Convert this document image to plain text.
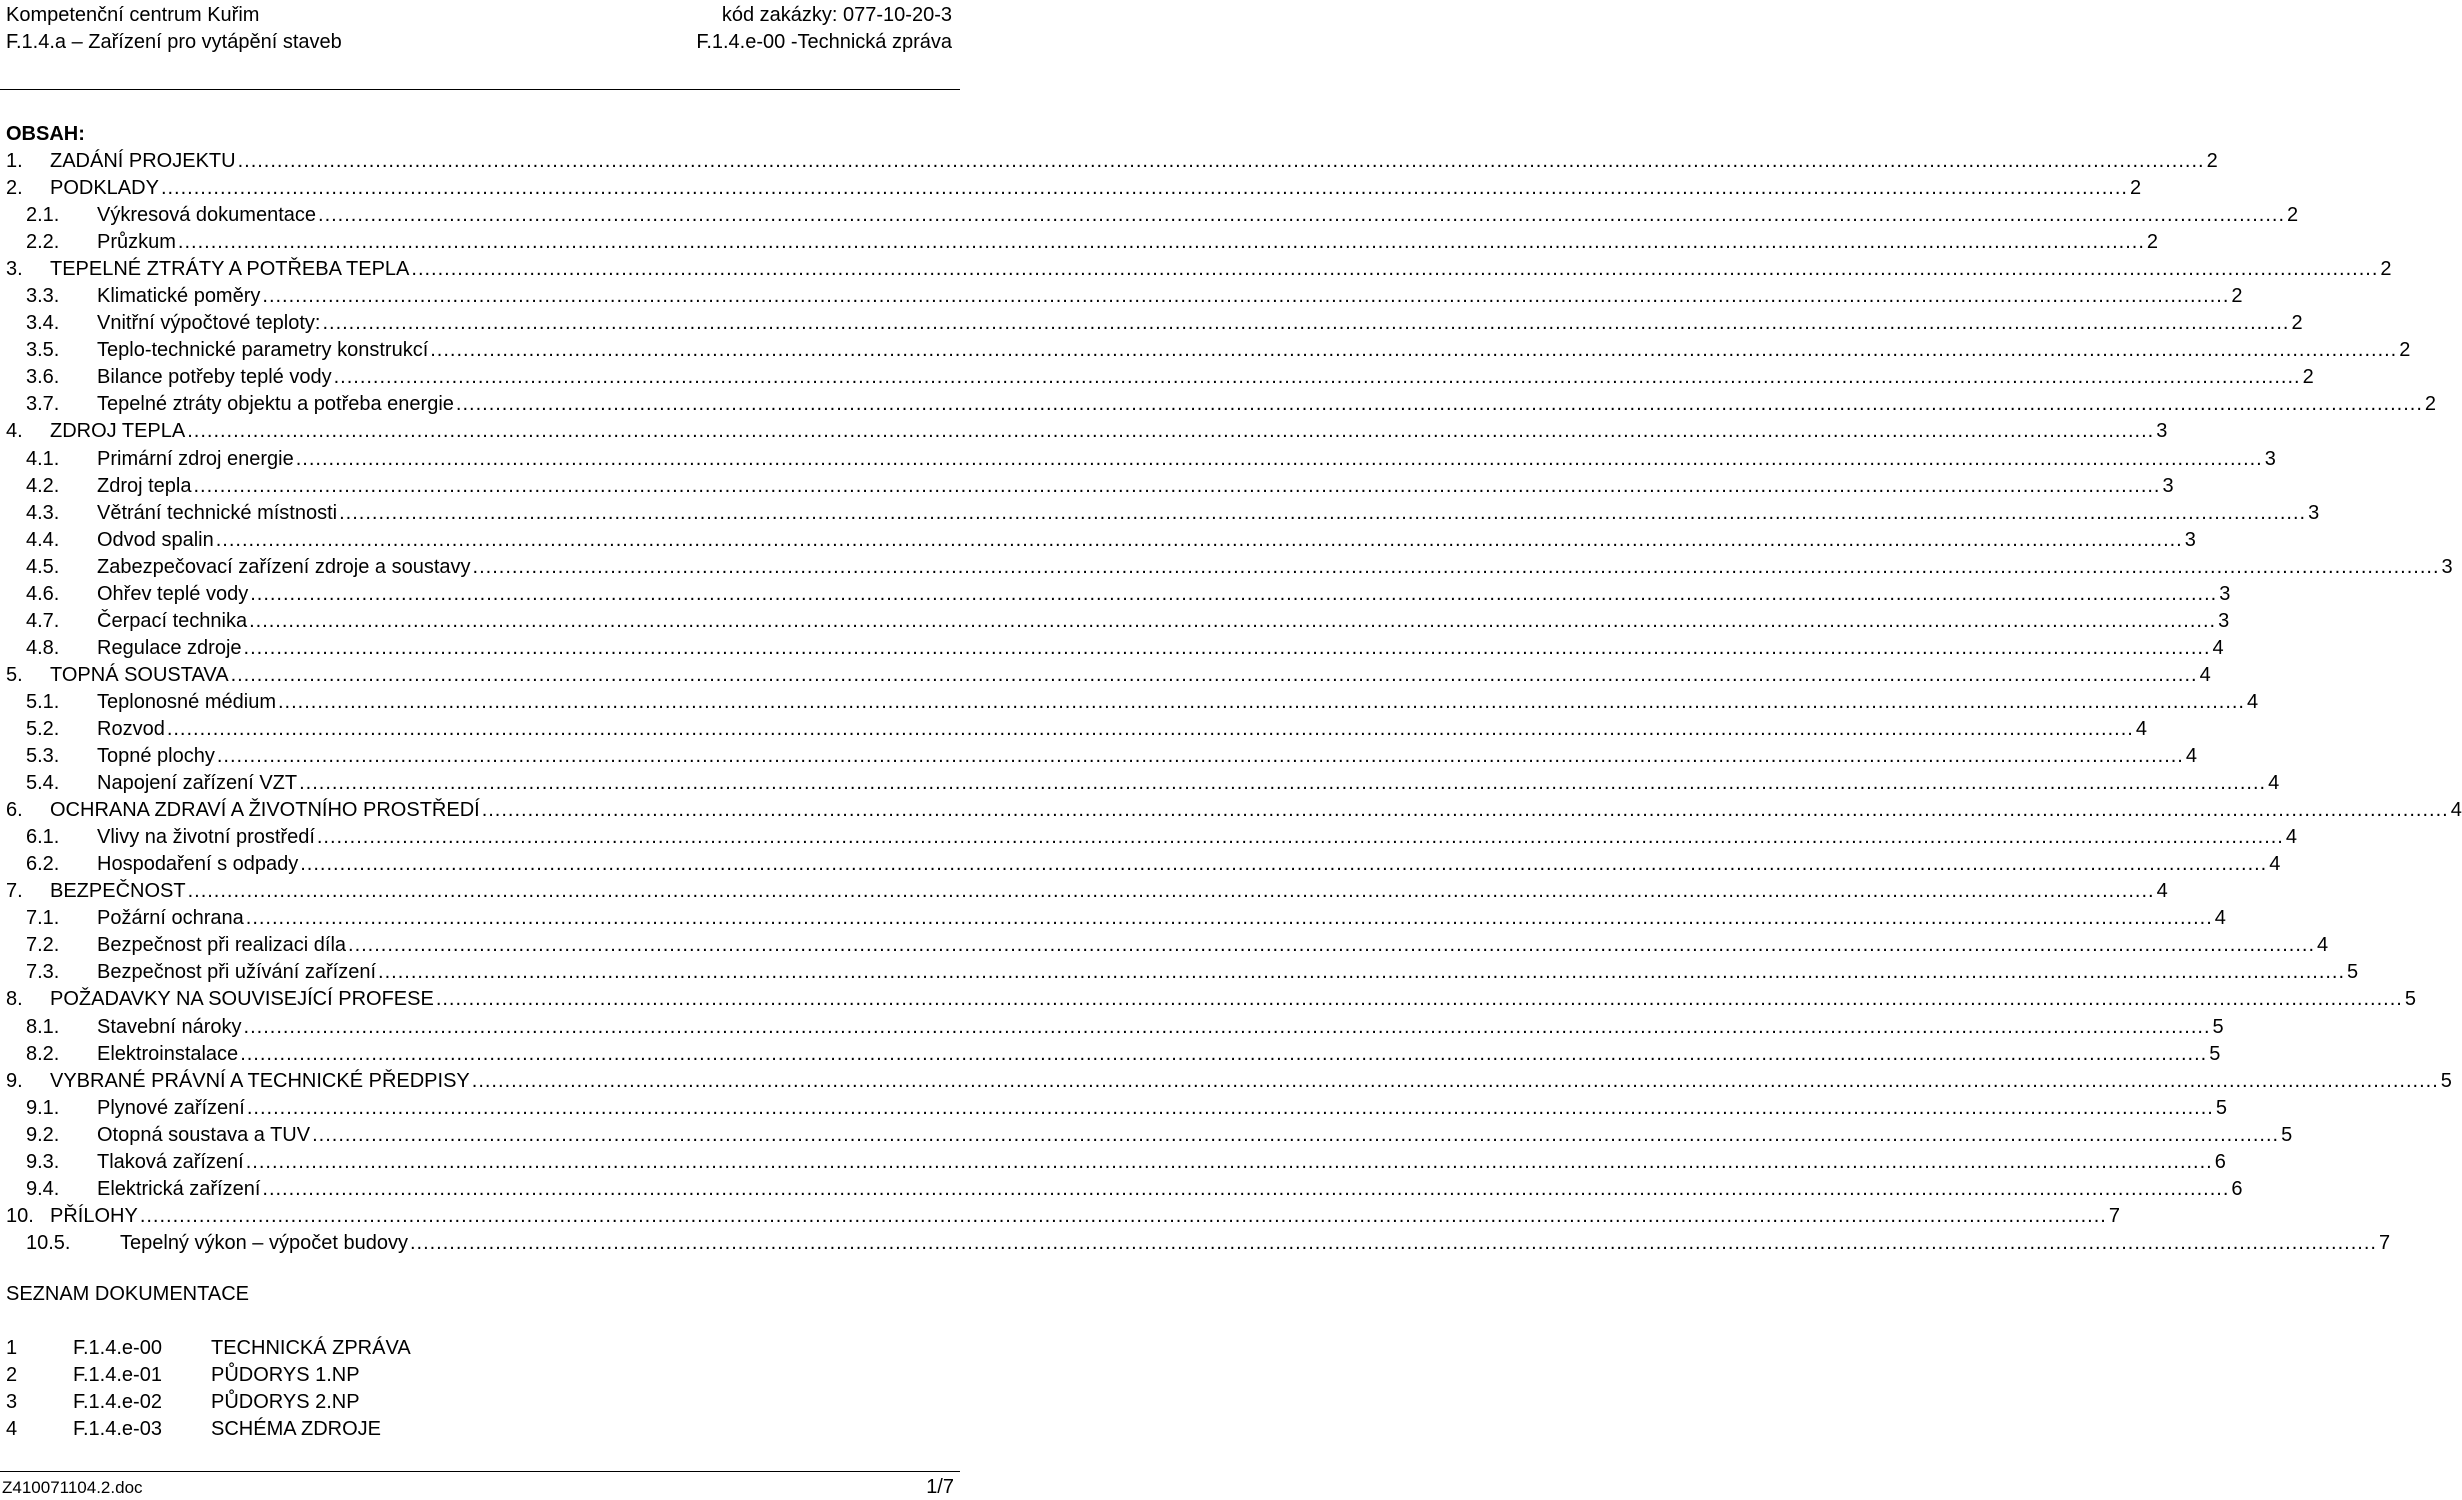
Kompetenční centrum Kuřim	kód zakázky: 077-10-20-3
F.1.4.a – Zařízení pro vytápění staveb	F.1.4.e-00 -Technická zpráva
OBSAH:
1. ZADÁNÍ PROJEKTU ............................................................................................................................................................................................................................................................................................................ 2
2. PODKLADY ............................................................................................................................................................................................................................................................................................................ 2
2.1. Výkresová dokumentace ............................................................................................................................................................................................................................................................................................................ 2
2.2. Průzkum ............................................................................................................................................................................................................................................................................................................ 2
3. TEPELNÉ ZTRÁTY A POTŘEBA TEPLA ............................................................................................................................................................................................................................................................................................................ 2
3.3. Klimatické poměry ............................................................................................................................................................................................................................................................................................................ 2
3.4. Vnitřní výpočtové teploty: ............................................................................................................................................................................................................................................................................................................ 2
3.5. Teplo-technické parametry konstrukcí ............................................................................................................................................................................................................................................................................................................ 2
3.6. Bilance potřeby teplé vody ............................................................................................................................................................................................................................................................................................................ 2
3.7. Tepelné ztráty objektu a potřeba energie ............................................................................................................................................................................................................................................................................................................ 2
4. ZDROJ TEPLA ............................................................................................................................................................................................................................................................................................................ 3
4.1. Primární zdroj energie ............................................................................................................................................................................................................................................................................................................ 3
4.2. Zdroj tepla ............................................................................................................................................................................................................................................................................................................ 3
4.3. Větrání technické místnosti ............................................................................................................................................................................................................................................................................................................ 3
4.4. Odvod spalin ............................................................................................................................................................................................................................................................................................................ 3
4.5. Zabezpečovací zařízení zdroje a soustavy ............................................................................................................................................................................................................................................................................................................ 3
4.6. Ohřev teplé vody ............................................................................................................................................................................................................................................................................................................ 3
4.7. Čerpací technika ............................................................................................................................................................................................................................................................................................................ 3
4.8. Regulace zdroje ............................................................................................................................................................................................................................................................................................................ 4
5. TOPNÁ SOUSTAVA ............................................................................................................................................................................................................................................................................................................ 4
5.1. Teplonosné médium ............................................................................................................................................................................................................................................................................................................ 4
5.2. Rozvod ............................................................................................................................................................................................................................................................................................................ 4
5.3. Topné plochy ............................................................................................................................................................................................................................................................................................................ 4
5.4. Napojení zařízení VZT ............................................................................................................................................................................................................................................................................................................ 4
6. OCHRANA ZDRAVÍ A ŽIVOTNÍHO PROSTŘEDÍ ............................................................................................................................................................................................................................................................................................................ 4
6.1. Vlivy na životní prostředí ............................................................................................................................................................................................................................................................................................................ 4
6.2. Hospodaření s odpady ............................................................................................................................................................................................................................................................................................................ 4
7. BEZPEČNOST ............................................................................................................................................................................................................................................................................................................ 4
7.1. Požární ochrana ............................................................................................................................................................................................................................................................................................................ 4
7.2. Bezpečnost při realizaci díla ............................................................................................................................................................................................................................................................................................................ 4
7.3. Bezpečnost při užívání zařízení ............................................................................................................................................................................................................................................................................................................ 5
8. POŽADAVKY NA SOUVISEJÍCÍ PROFESE ............................................................................................................................................................................................................................................................................................................ 5
8.1. Stavební nároky ............................................................................................................................................................................................................................................................................................................ 5
8.2. Elektroinstalace ............................................................................................................................................................................................................................................................................................................ 5
9. VYBRANÉ PRÁVNÍ A TECHNICKÉ PŘEDPISY ............................................................................................................................................................................................................................................................................................................ 5
9.1. Plynové zařízení ............................................................................................................................................................................................................................................................................................................ 5
9.2. Otopná soustava a TUV ............................................................................................................................................................................................................................................................................................................ 5
9.3. Tlaková zařízení ............................................................................................................................................................................................................................................................................................................ 6
9.4. Elektrická zařízení ............................................................................................................................................................................................................................................................................................................ 6
10. PŘÍLOHY ............................................................................................................................................................................................................................................................................................................ 7
10.5. Tepelný výkon – výpočet budovy ............................................................................................................................................................................................................................................................................................................ 7
SEZNAM DOKUMENTACE
1	F.1.4.e-00 TECHNICKÁ ZPRÁVA
2	F.1.4.e-01 PŮDORYS 1.NP
3	F.1.4.e-02 PŮDORYS 2.NP
4	F.1.4.e-03 SCHÉMA ZDROJE
Z410071104.2.doc	1/7
